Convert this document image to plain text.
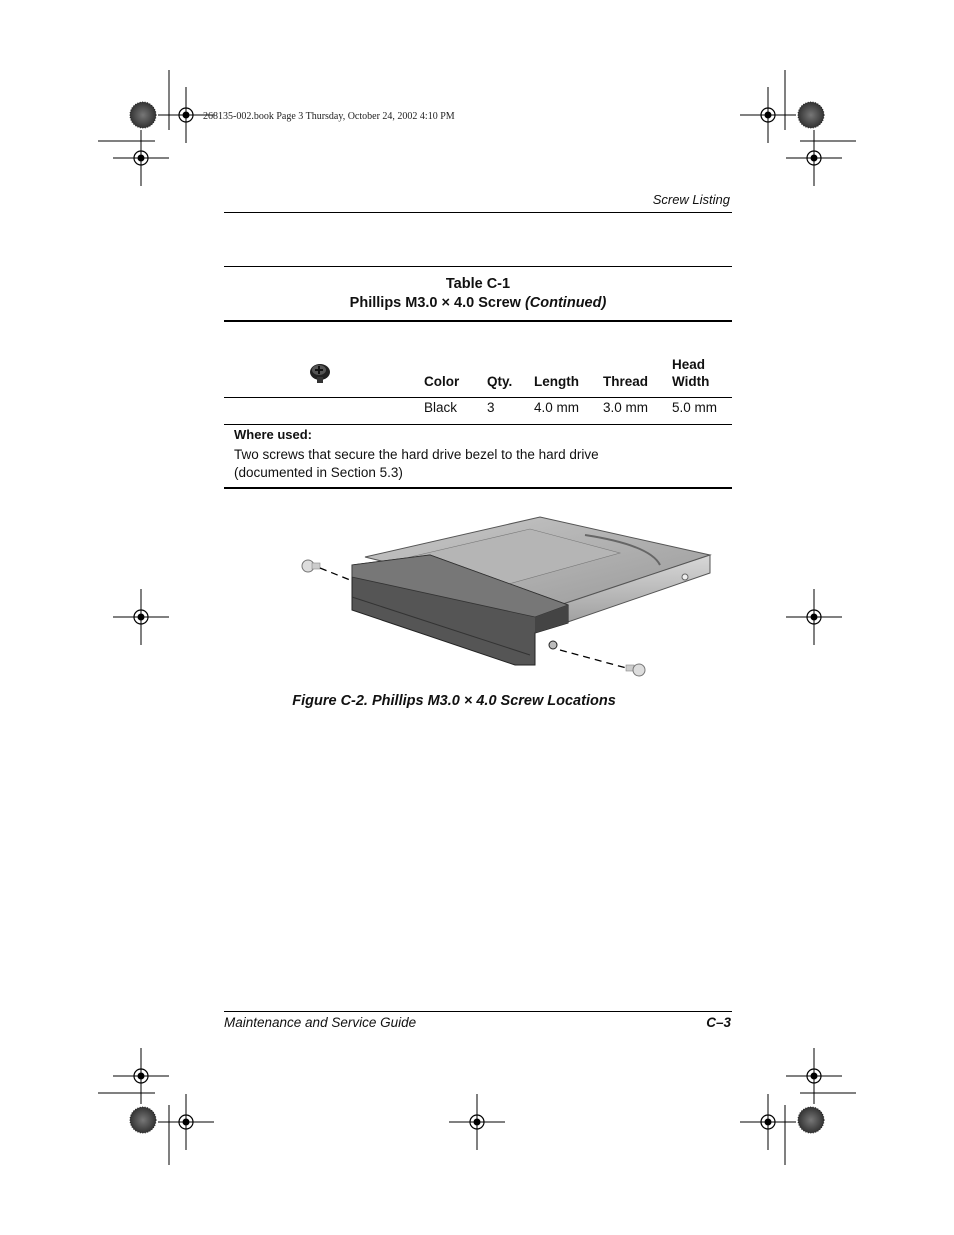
268135-002.book Page 3 Thursday, October 24, 2002 4:10 PM
Screw Listing
Table C-1
Phillips M3.0 × 4.0 Screw (Continued)
Color Qty. Length Thread
Head
Width
Black 3	4.0 mm 3.0 mm 5.0 mm
Where used:
Two screws that secure the hard drive bezel to the hard drive
(documented in Section 5.3)
Figure C-2. Phillips M3.0 × 4.0 Screw Locations
Maintenance and Service Guide	C–3
